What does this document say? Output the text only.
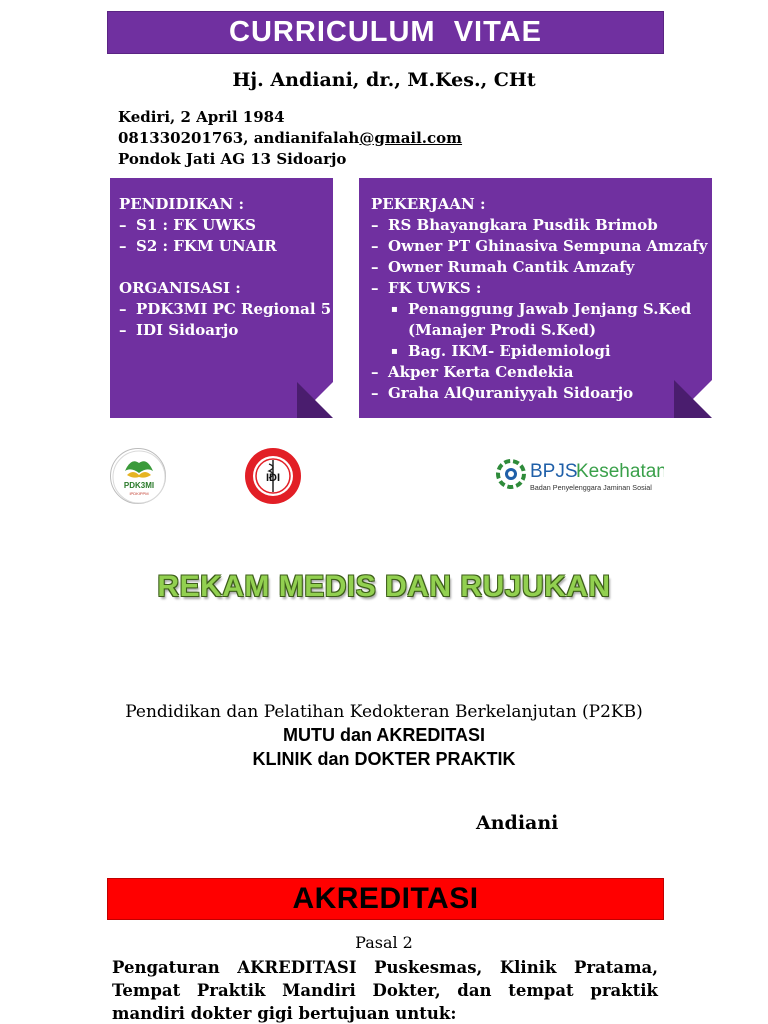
CURRICULUM  VITAE
Hj. Andiani, dr., M.Kes., CHt
Kediri, 2 April 1984
081330201763, andianifalah@gmail.com
Pondok Jati AG 13 Sidoarjo
PENDIDIKAN :
– S1 : FK UWKS
– S2 : FKM UNAIR
ORGANISASI :
– PDK3MI PC Regional 5
– IDI Sidoarjo
PEKERJAAN :
– RS Bhayangkara Pusdik Brimob
– Owner PT Ghinasiva Sempuna Amzafy
– Owner Rumah Cantik Amzafy
– FK UWKS :
▪ Penanggung Jawab Jenjang S.Ked
(Manajer Prodi S.Ked)
▪ Bag. IKM- Epidemiologi
– Akper Kerta Cendekia
– Graha AlQuraniyyah Sidoarjo
PDK3MI
IPDKIPPM
IDI	BPJS
Kesehatan
Badan Penyelenggara Jaminan Sosial
REKAM MEDIS DAN RUJUKAN
Pendidikan dan Pelatihan Kedokteran Berkelanjutan (P2KB)
MUTU dan AKREDITASI
KLINIK dan DOKTER PRAKTIK
Andiani
AKREDITASI
Pasal 2
Pengaturan AKREDITASI Puskesmas, Klinik Pratama, Tempat Praktik Mandiri Dokter, dan tempat praktik mandiri dokter gigi bertujuan untuk:
